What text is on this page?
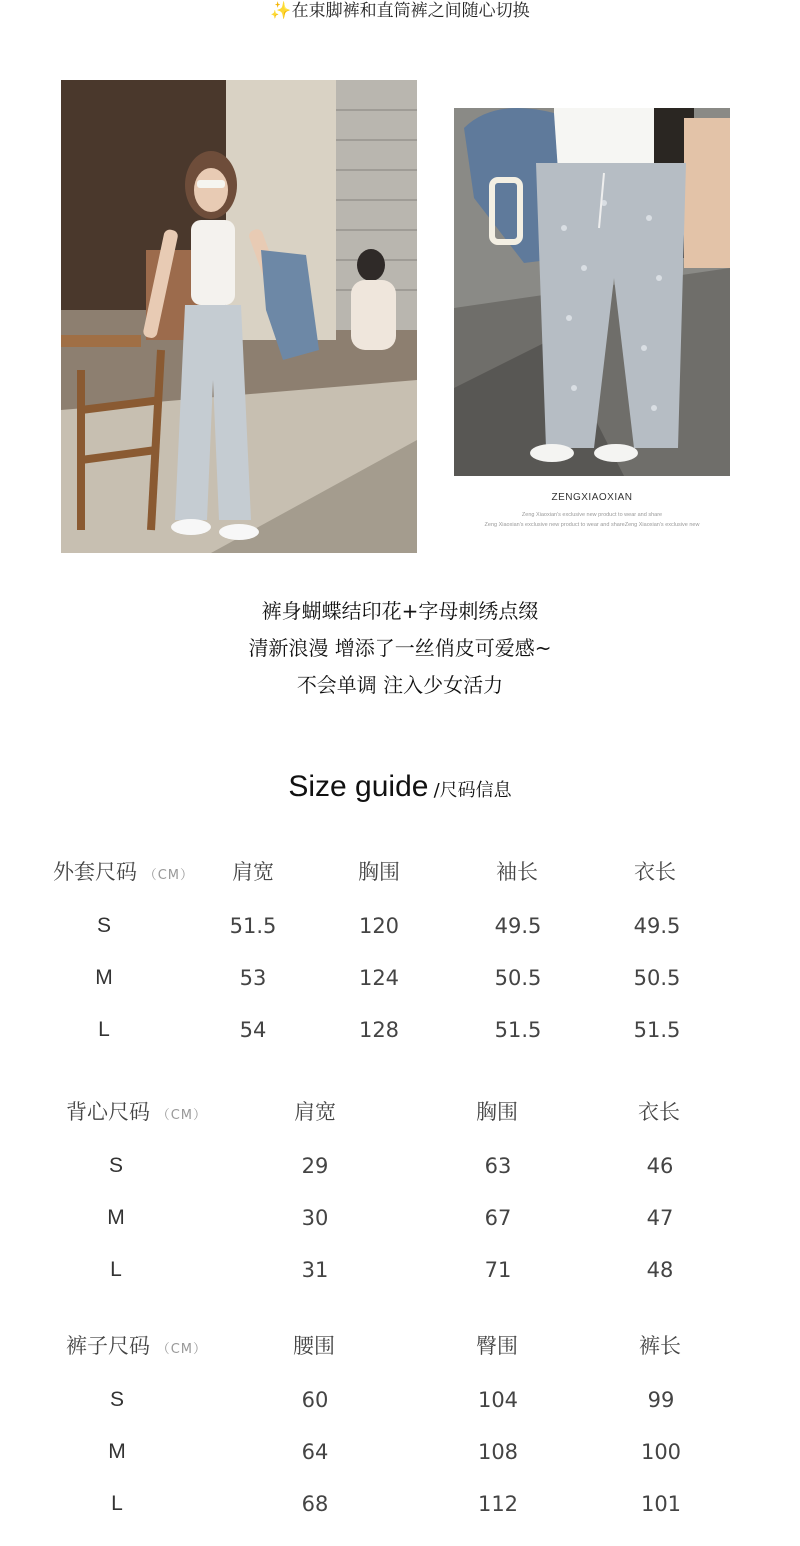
✨在束脚裤和直筒裤之间随心切换
ZENGXIAOXIAN
Zeng Xiaoxian's exclusive new product to wear and share
Zeng Xiaoxian's exclusive new product to wear and shareZeng Xiaoxian's exclusive new
裤身蝴蝶结印花+字母刺绣点缀
清新浪漫 增添了一丝俏皮可爱感~
不会单调 注入少女活力
Size guide /尺码信息
外套尺码 （CM）	肩宽	胸围	袖长	衣长
S	51.5	120	49.5	49.5
M	53	124	50.5	50.5
L	54	128	51.5	51.5
背心尺码 （CM）	肩宽	胸围	衣长
S	29	63	46
M	30	67	47
L	31	71	48
裤子尺码 （CM）	腰围	臀围	裤长
S	60	104	99
M	64	108	100
L	68	112	101
